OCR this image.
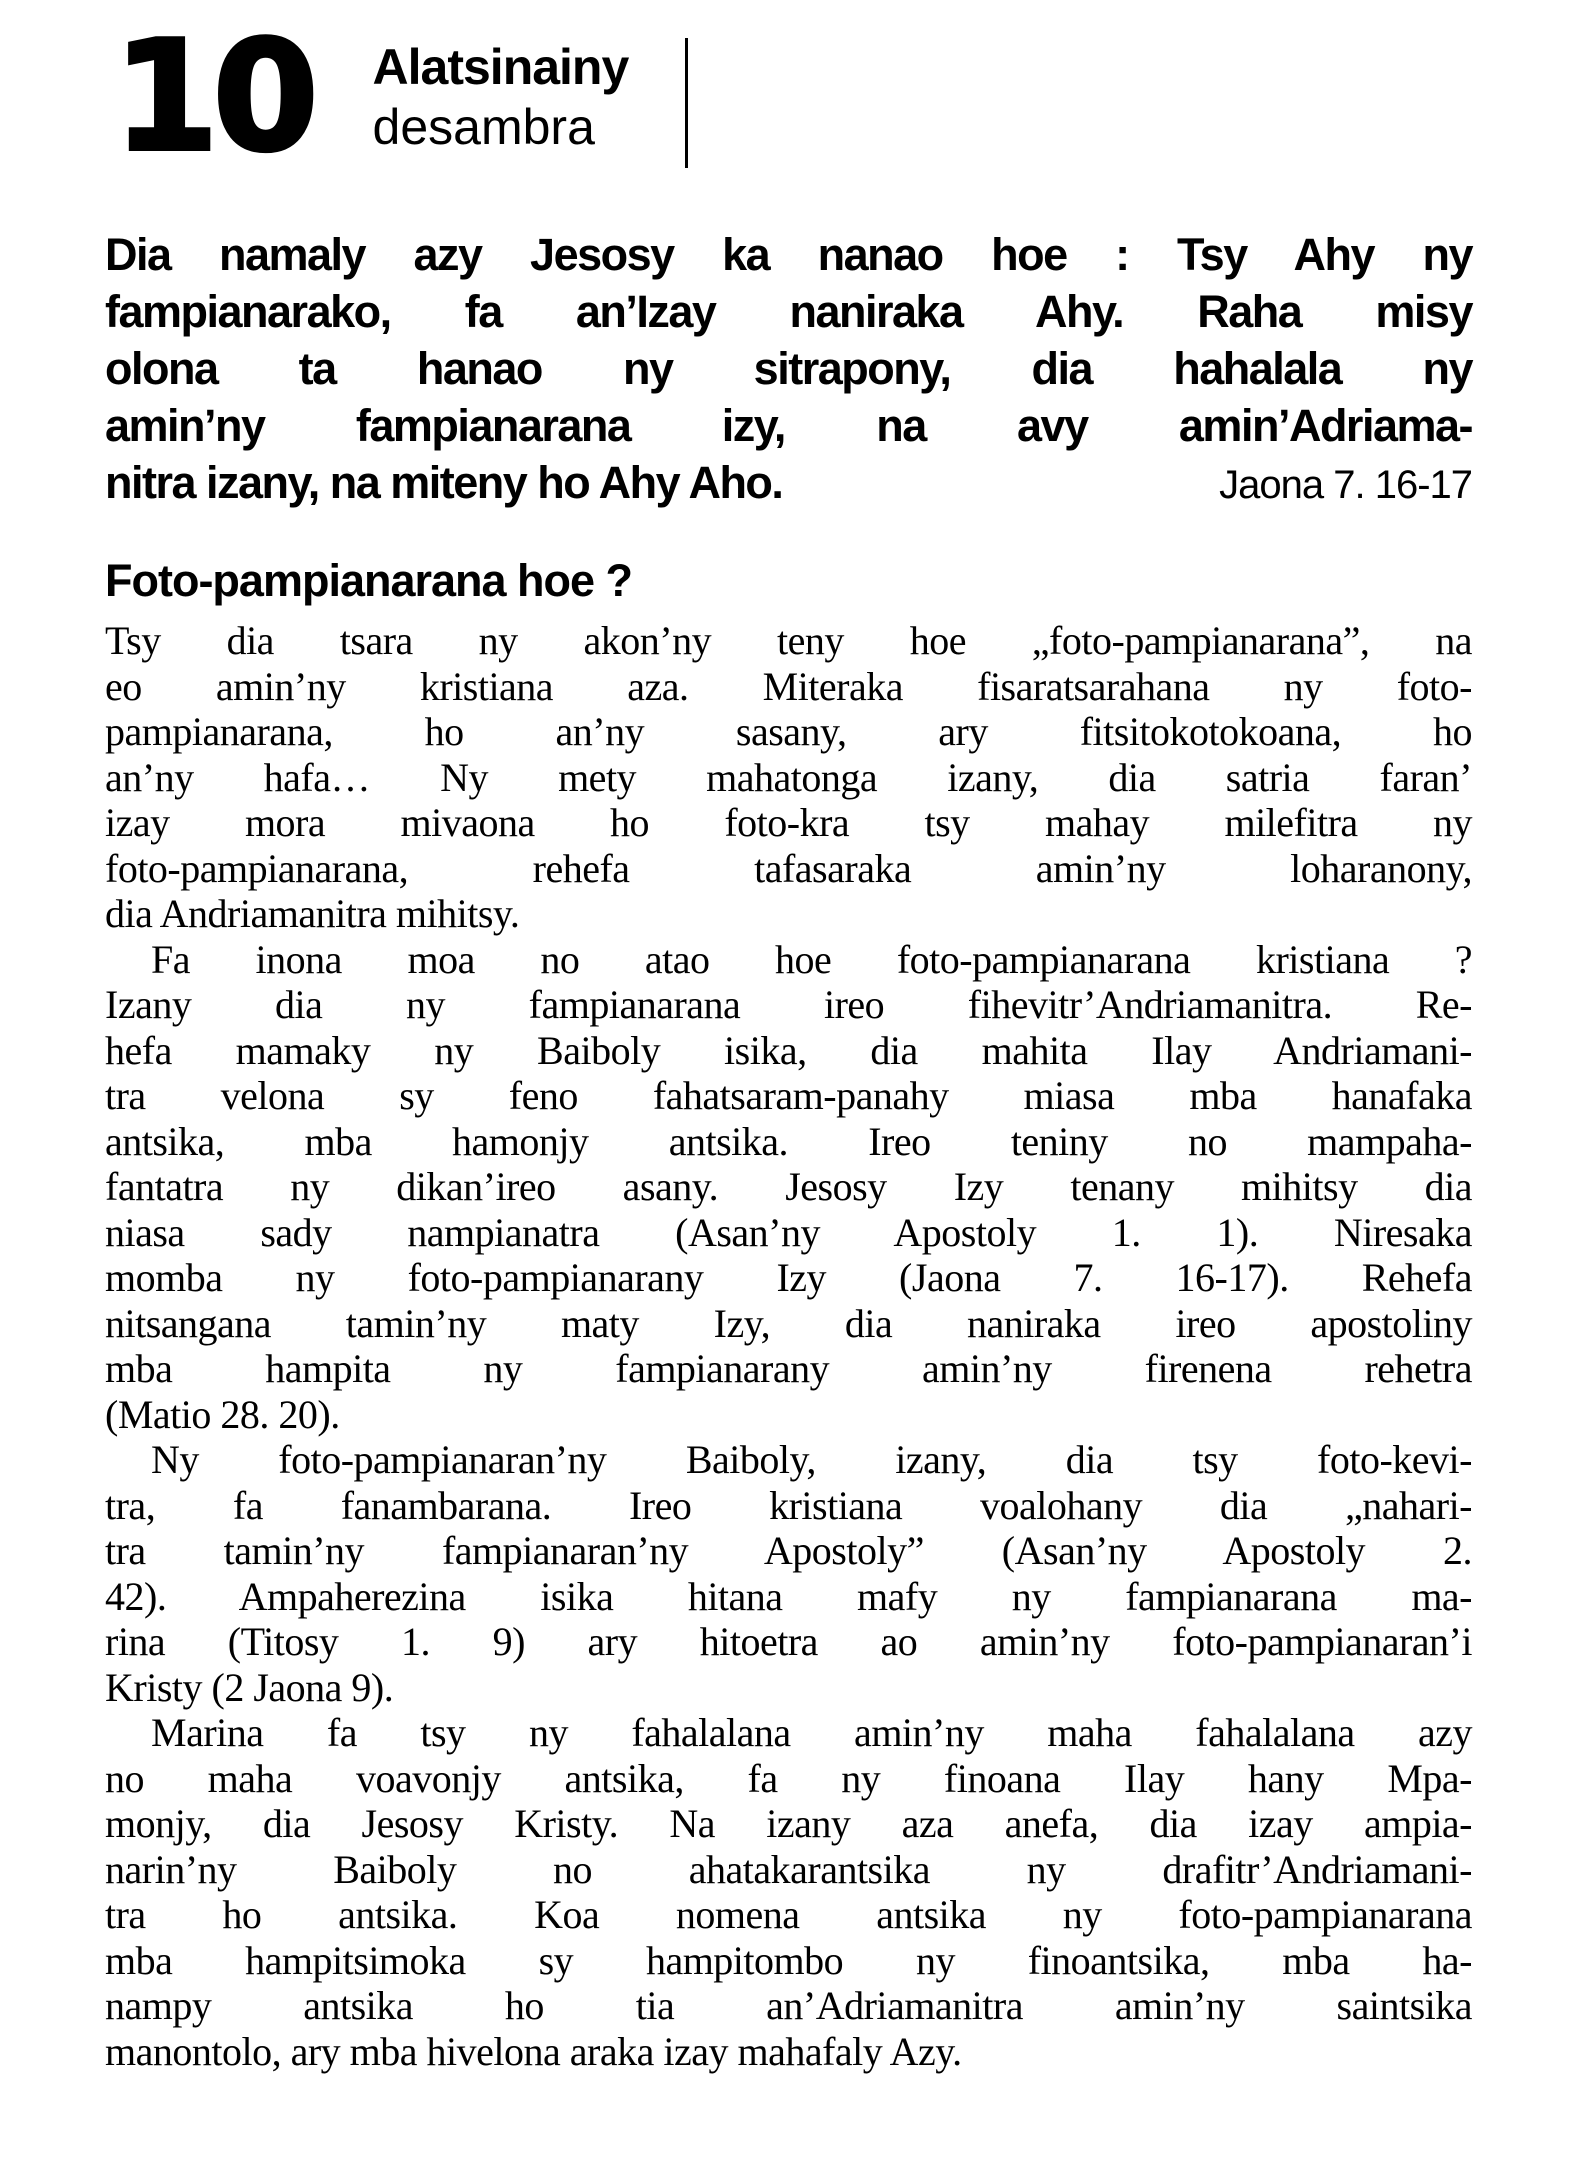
10 Alatsinainy
desambra
Dia namaly azy Jesosy ka nanao hoe : Tsy Ahy ny
fampianarako, fa an’Izay naniraka Ahy. Raha misy
olona ta hanao ny sitrapony, dia hahalala ny
amin’ny fampianarana izy, na avy amin’Adriama-
nitra izany, na miteny ho Ahy Aho.	Jaona 7. 16-17
Foto-pampianarana hoe ?
Tsy dia tsara ny akon’ny teny hoe „foto-pampianarana”, na
eo amin’ny kristiana aza. Miteraka fisaratsarahana ny foto-
pampianarana, ho an’ny sasany, ary fitsitokotokoana, ho
an’ny hafa… Ny mety mahatonga izany, dia satria faran’
izay mora mivaona ho foto-kra tsy mahay milefitra ny
foto-pampianarana, rehefa tafasaraka amin’ny loharanony,
dia Andriamanitra mihitsy.
Fa inona moa no atao hoe foto-pampianarana kristiana ?
Izany dia ny fampianarana ireo fihevitr’Andriamanitra. Re-
hefa mamaky ny Baiboly isika, dia mahita Ilay Andriamani-
tra velona sy feno fahatsaram-panahy miasa mba hanafaka
antsika, mba hamonjy antsika. Ireo teniny no mampaha-
fantatra ny dikan’ireo asany. Jesosy Izy tenany mihitsy dia
niasa sady nampianatra (Asan’ny Apostoly 1. 1). Niresaka
momba ny foto-pampianarany Izy (Jaona 7. 16-17). Rehefa
nitsangana tamin’ny maty Izy, dia naniraka ireo apostoliny
mba hampita ny fampianarany amin’ny firenena rehetra
(Matio 28. 20).
Ny foto-pampianaran’ny Baiboly, izany, dia tsy foto-kevi-
tra, fa fanambarana. Ireo kristiana voalohany dia „nahari-
tra tamin’ny fampianaran’ny Apostoly” (Asan’ny Apostoly 2.
42). Ampaherezina isika hitana mafy ny fampianarana ma-
rina (Titosy 1. 9) ary hitoetra ao amin’ny foto-pampianaran’i
Kristy (2 Jaona 9).
Marina fa tsy ny fahalalana amin’ny maha fahalalana azy
no maha voavonjy antsika, fa ny finoana Ilay hany Mpa-
monjy, dia Jesosy Kristy. Na izany aza anefa, dia izay ampia-
narin’ny Baiboly no ahatakarantsika ny drafitr’Andriamani-
tra ho antsika. Koa nomena antsika ny foto-pampianarana
mba hampitsimoka sy hampitombo ny finoantsika, mba ha-
nampy antsika ho tia an’Adriamanitra amin’ny saintsika
manontolo, ary mba hivelona araka izay mahafaly Azy.
